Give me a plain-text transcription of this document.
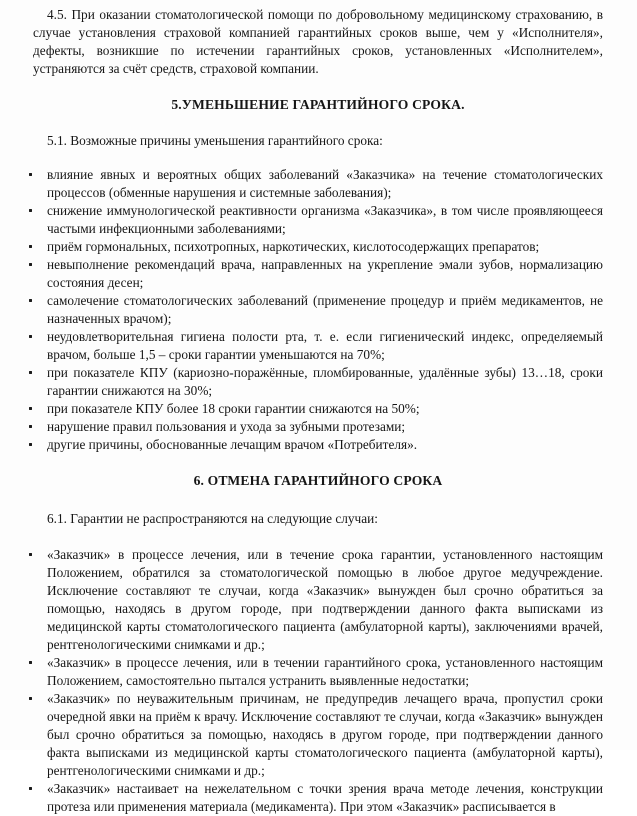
4.5. При оказании стоматологической помощи по добровольному медицинскому страхованию, в случае установления страховой компанией гарантийных сроков выше, чем у «Исполнителя», дефекты, возникшие по истечении гарантийных сроков, установленных «Исполнителем», устраняются за счёт средств, страховой компании.

5.УМЕНЬШЕНИЕ ГАРАНТИЙНОГО СРОКА.

5.1. Возможные причины уменьшения гарантийного срока:

влияние явных и вероятных общих заболеваний «Заказчика» на течение стоматологических процессов (обменные нарушения и системные заболевания);
снижение иммунологической реактивности организма «Заказчика», в том числе проявляющееся частыми инфекционными заболеваниями;
приём гормональных, психотропных, наркотических, кислотосодержащих препаратов;
невыполнение рекомендаций врача, направленных на укрепление эмали зубов, нормализацию состояния десен;
самолечение стоматологических заболеваний (применение процедур и приём медикаментов, не назначенных врачом);
неудовлетворительная гигиена полости рта, т. е. если гигиенический индекс, определяемый врачом, больше 1,5 – сроки гарантии уменьшаются на 70%;
при показателе КПУ (кариозно-поражённые, пломбированные, удалённые зубы) 13…18, сроки гарантии снижаются на 30%;
при показателе КПУ более 18 сроки гарантии снижаются на 50%;
нарушение правил пользования и ухода за зубными протезами;
другие причины, обоснованные лечащим врачом «Потребителя».
6. ОТМЕНА ГАРАНТИЙНОГО СРОКА

6.1. Гарантии не распространяются на следующие случаи:

«Заказчик» в процессе лечения, или в течение срока гарантии, установленного настоящим Положением, обратился за стоматологической помощью в любое другое медучреждение. Исключение составляют те случаи, когда «Заказчик» вынужден был срочно обратиться за помощью, находясь в другом городе, при подтверждении данного факта выписками из медицинской карты стоматологического пациента (амбулаторной карты), заключениями врачей, рентгенологическими снимками и др.;
«Заказчик» в процессе лечения, или в течении гарантийного срока, установленного настоящим Положением, самостоятельно пытался устранить выявленные недостатки;
«Заказчик» по неуважительным причинам, не предупредив лечащего врача, пропустил сроки очередной явки на приём к врачу. Исключение составляют те случаи, когда «Заказчик» вынужден был срочно обратиться за помощью, находясь в другом городе, при подтверждении данного факта выписками из медицинской карты стоматологического пациента (амбулаторной карты), рентгенологическими снимками и др.;
«Заказчик» настаивает на нежелательном с точки зрения врача методе лечения, конструкции протеза или применения материала (медикамента). При этом «Заказчик» расписывается в
